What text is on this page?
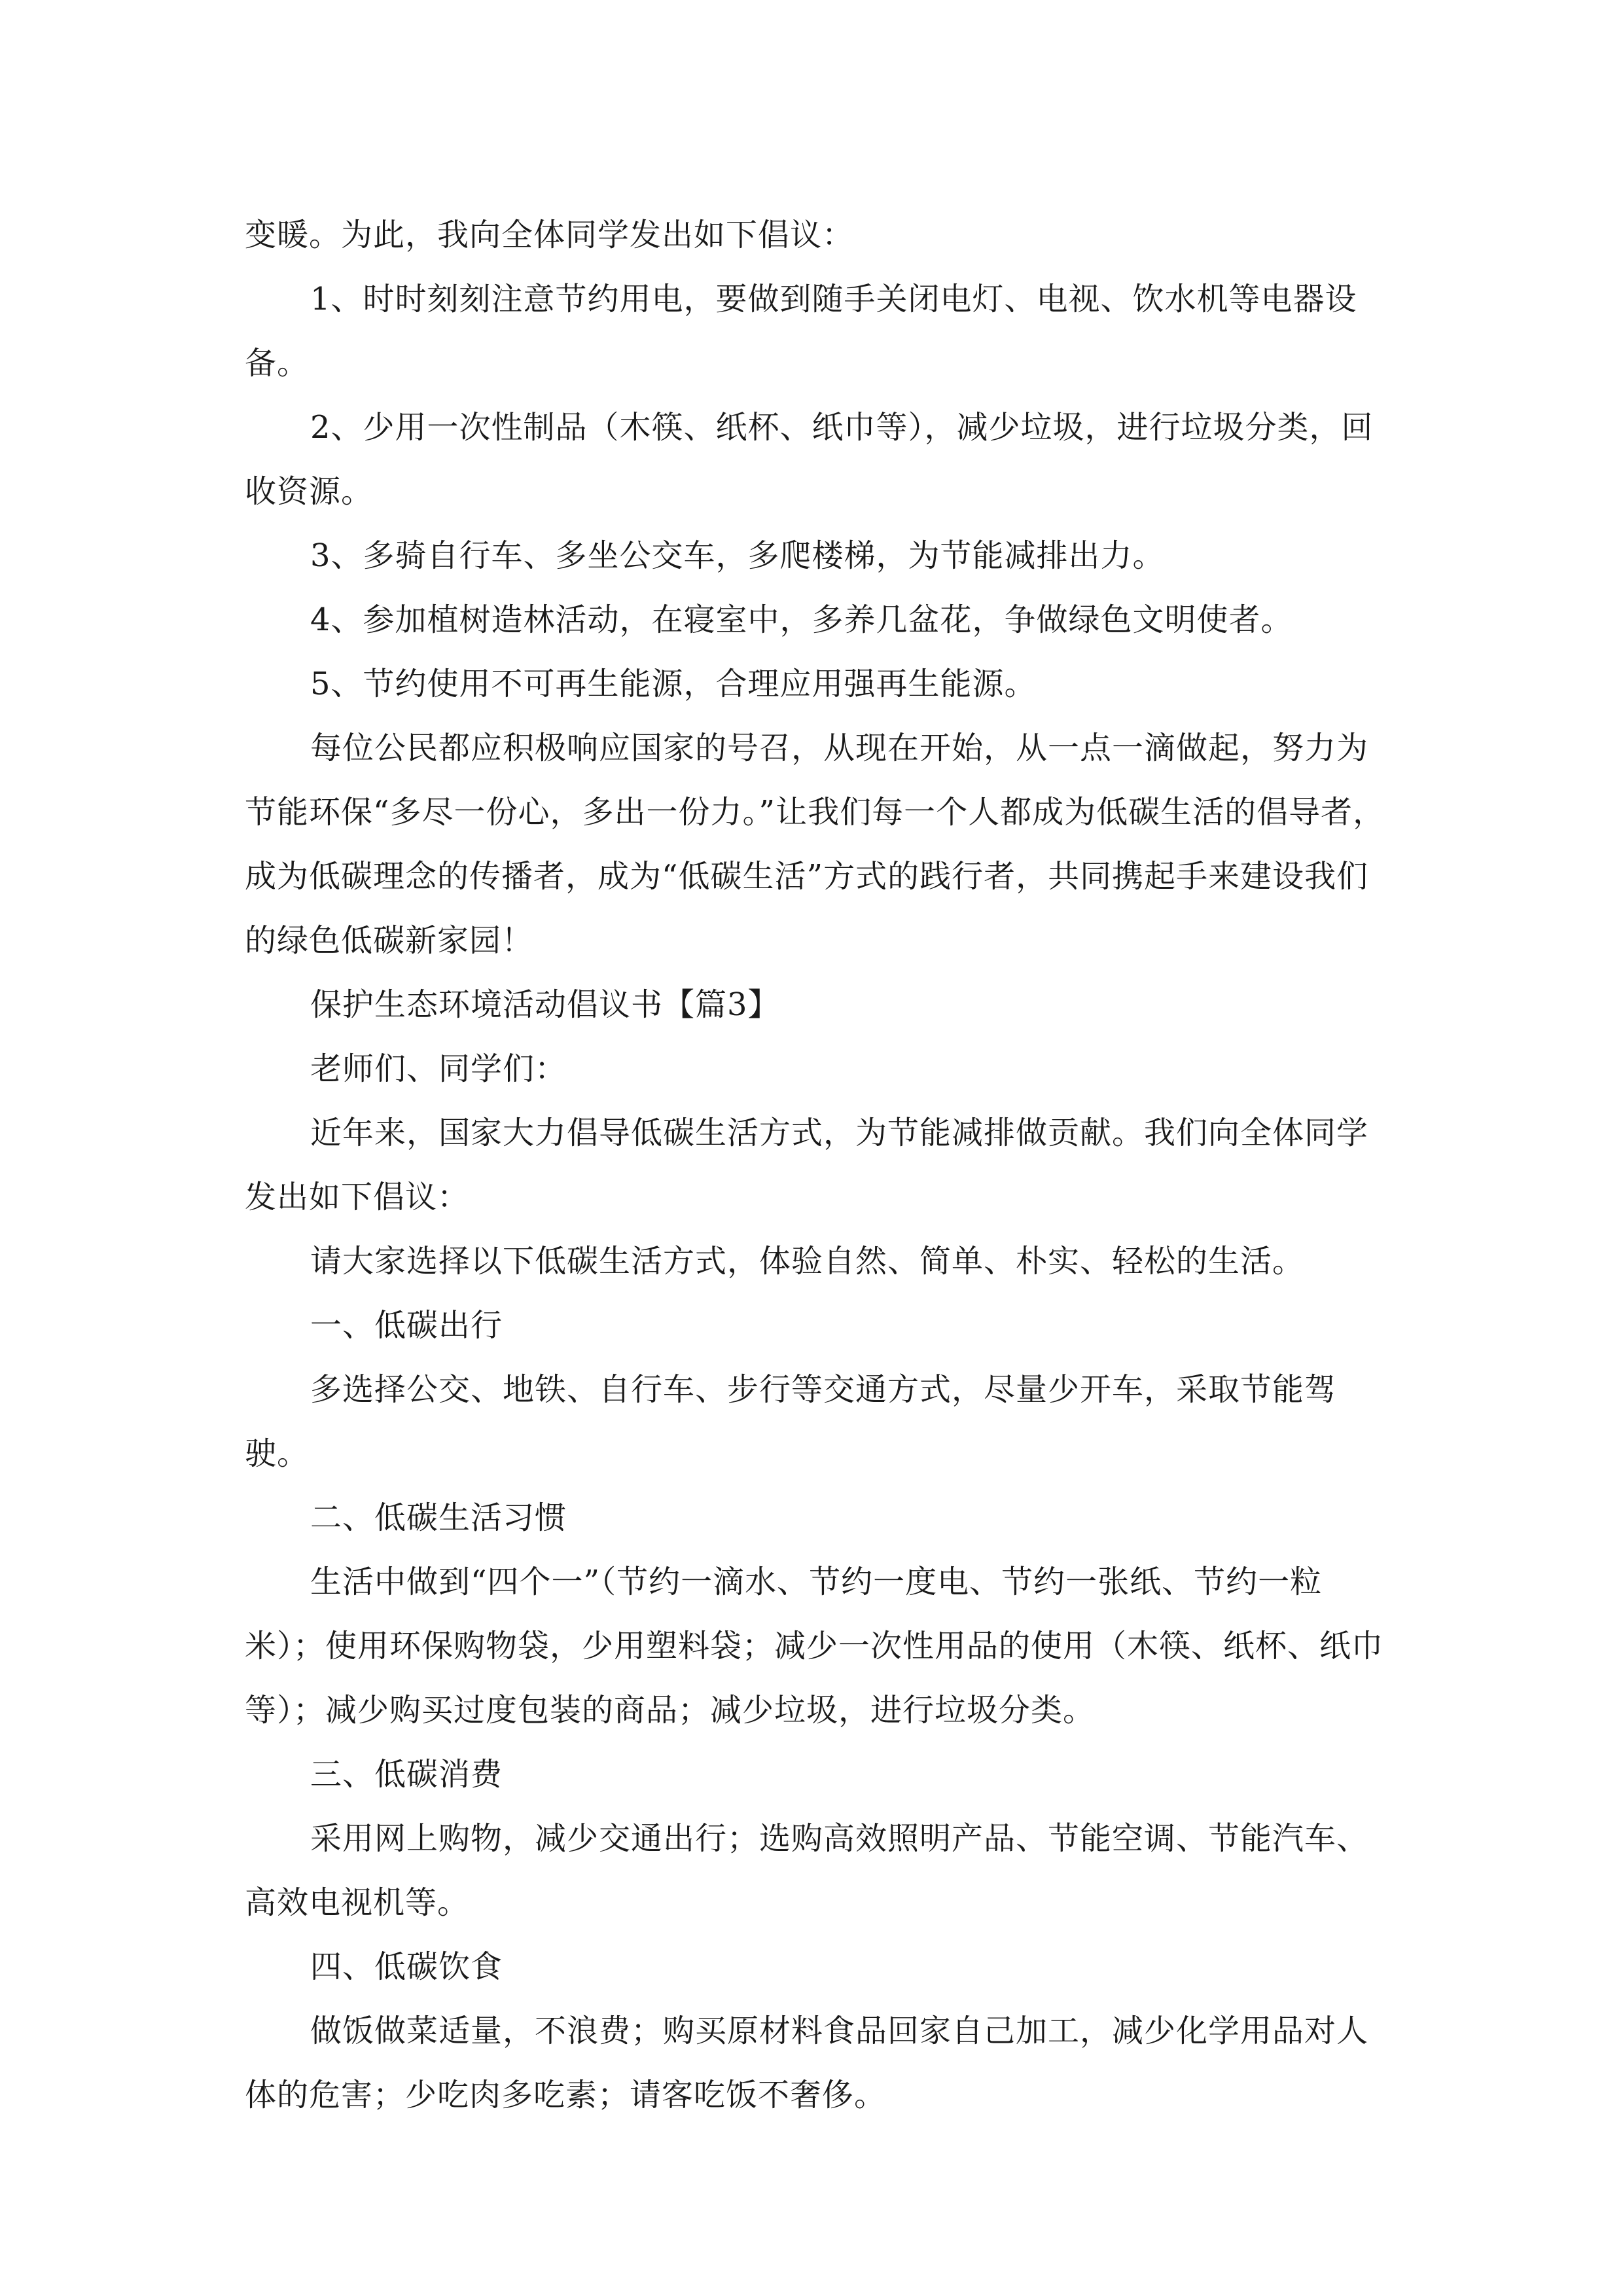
变暖。为此，我向全体同学发出如下倡议：

1、时时刻刻注意节约用电，要做到随手关闭电灯、电视、饮水机等电器设备。

2、少用一次性制品（木筷、纸杯、纸巾等），减少垃圾，进行垃圾分类，回收资源。

3、多骑自行车、多坐公交车，多爬楼梯，为节能减排出力。

4、参加植树造林活动，在寝室中，多养几盆花，争做绿色文明使者。

5、节约使用不可再生能源，合理应用强再生能源。

每位公民都应积极响应国家的号召，从现在开始，从一点一滴做起，努力为节能环保“多尽一份心，多出一份力。”让我们每一个人都成为低碳生活的倡导者，成为低碳理念的传播者，成为“低碳生活”方式的践行者，共同携起手来建设我们的绿色低碳新家园！

保护生态环境活动倡议书【篇3】

老师们、同学们：

近年来，国家大力倡导低碳生活方式，为节能减排做贡献。我们向全体同学发出如下倡议：

请大家选择以下低碳生活方式，体验自然、简单、朴实、轻松的生活。

一、低碳出行

多选择公交、地铁、自行车、步行等交通方式，尽量少开车，采取节能驾驶。

二、低碳生活习惯

生活中做到“四个一”（节约一滴水、节约一度电、节约一张纸、节约一粒米）；使用环保购物袋，少用塑料袋；减少一次性用品的使用（木筷、纸杯、纸巾等）；减少购买过度包装的商品；减少垃圾，进行垃圾分类。

三、低碳消费

采用网上购物，减少交通出行；选购高效照明产品、节能空调、节能汽车、高效电视机等。

四、低碳饮食

做饭做菜适量，不浪费；购买原材料食品回家自己加工，减少化学用品对人体的危害；少吃肉多吃素；请客吃饭不奢侈。
